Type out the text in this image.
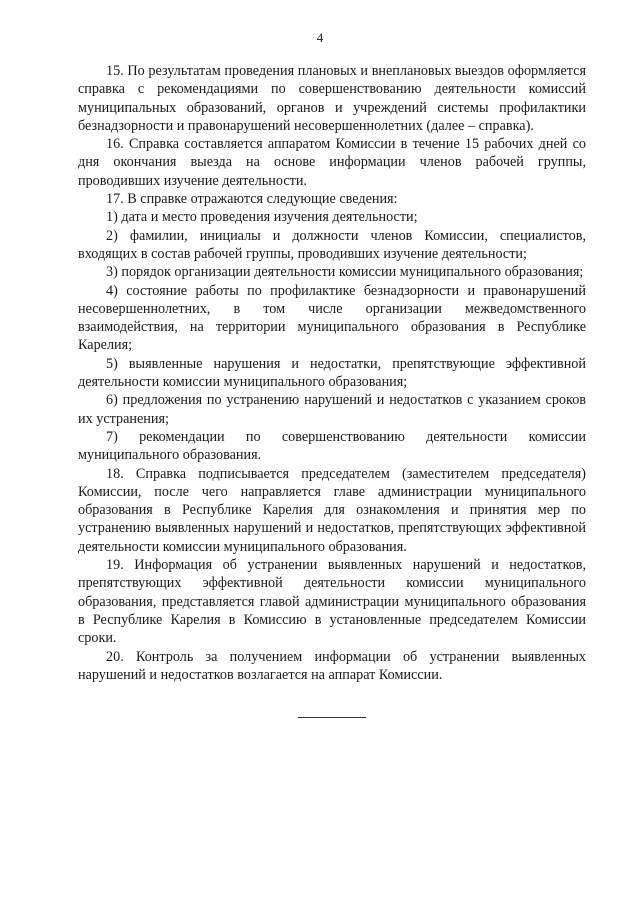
4

15. По результатам проведения плановых и внеплановых выездов оформляется справка с рекомендациями по совершенствованию деятельности комиссий муниципальных образований, органов и учреждений системы профилактики безнадзорности и правонарушений несовершеннолетних (далее – справка).

16. Справка составляется аппаратом Комиссии в течение 15 рабочих дней со дня окончания выезда на основе информации членов рабочей группы, проводивших изучение деятельности.

17. В справке отражаются следующие сведения:

1) дата и место проведения изучения деятельности;

2) фамилии, инициалы и должности членов Комиссии, специалистов, входящих в состав рабочей группы, проводивших изучение деятельности;

3) порядок организации деятельности комиссии муниципального образования;

4) состояние работы по профилактике безнадзорности и правонарушений несовершеннолетних, в том числе организации межведомственного взаимодействия, на территории муниципального образования в Республике Карелия;

5) выявленные нарушения и недостатки, препятствующие эффективной деятельности комиссии муниципального образования;

6) предложения по устранению нарушений и недостатков с указанием сроков их устранения;

7) рекомендации по совершенствованию деятельности комиссии муниципального образования.

18. Справка подписывается председателем (заместителем председателя) Комиссии, после чего направляется главе администрации муниципального образования в Республике Карелия для ознакомления и принятия мер по устранению выявленных нарушений и недостатков, препятствующих эффективной деятельности комиссии муниципального образования.

19. Информация об устранении выявленных нарушений и недостатков, препятствующих эффективной деятельности комиссии муниципального образования, представляется главой администрации муниципального образования в Республике Карелия в Комиссию в установленные председателем Комиссии сроки.

20. Контроль за получением информации об устранении выявленных нарушений и недостатков возлагается на аппарат Комиссии.
